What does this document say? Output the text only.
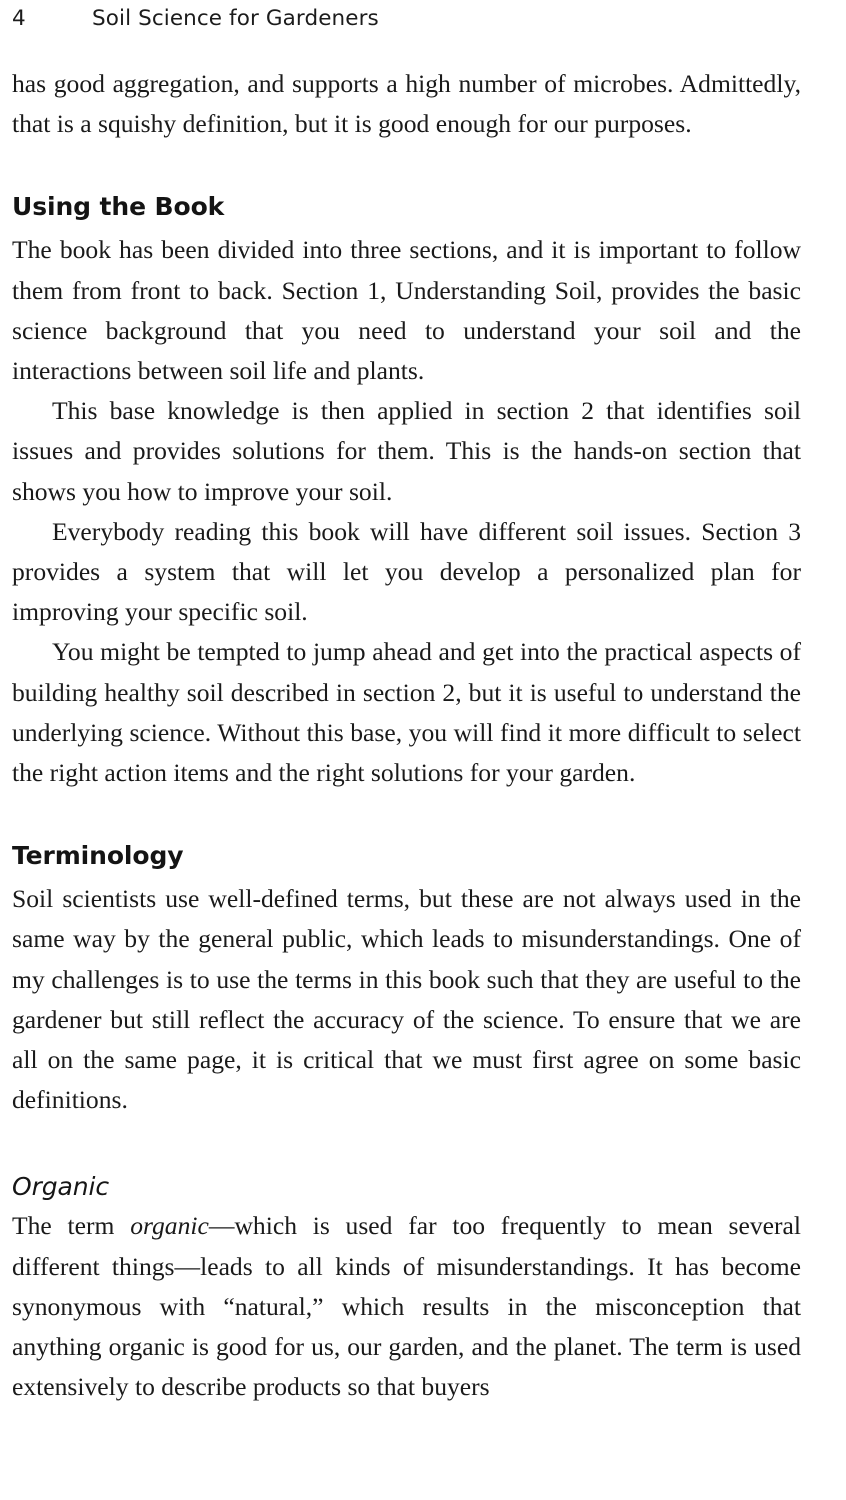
4	Soil Science for Gardeners

has good aggregation, and supports a high number of microbes. Admittedly, that is a squishy definition, but it is good enough for our purposes.

Using the Book

The book has been divided into three sections, and it is important to follow them from front to back. Section 1, Understanding Soil, provides the basic science background that you need to understand your soil and the interactions between soil life and plants.

This base knowledge is then applied in section 2 that identifies soil issues and provides solutions for them. This is the hands-on section that shows you how to improve your soil.

Everybody reading this book will have different soil issues. Section 3 provides a system that will let you develop a personalized plan for improving your specific soil.

You might be tempted to jump ahead and get into the practical aspects of building healthy soil described in section 2, but it is useful to understand the underlying science. Without this base, you will find it more difficult to select the right action items and the right solutions for your garden.

Terminology

Soil scientists use well-defined terms, but these are not always used in the same way by the general public, which leads to misunderstandings. One of my challenges is to use the terms in this book such that they are useful to the gardener but still reflect the accuracy of the science. To ensure that we are all on the same page, it is critical that we must first agree on some basic definitions.

Organic

The term organic—which is used far too frequently to mean several different things—leads to all kinds of misunderstandings. It has become synonymous with “natural,” which results in the misconception that anything organic is good for us, our garden, and the planet. The term is used extensively to describe products so that buyers
